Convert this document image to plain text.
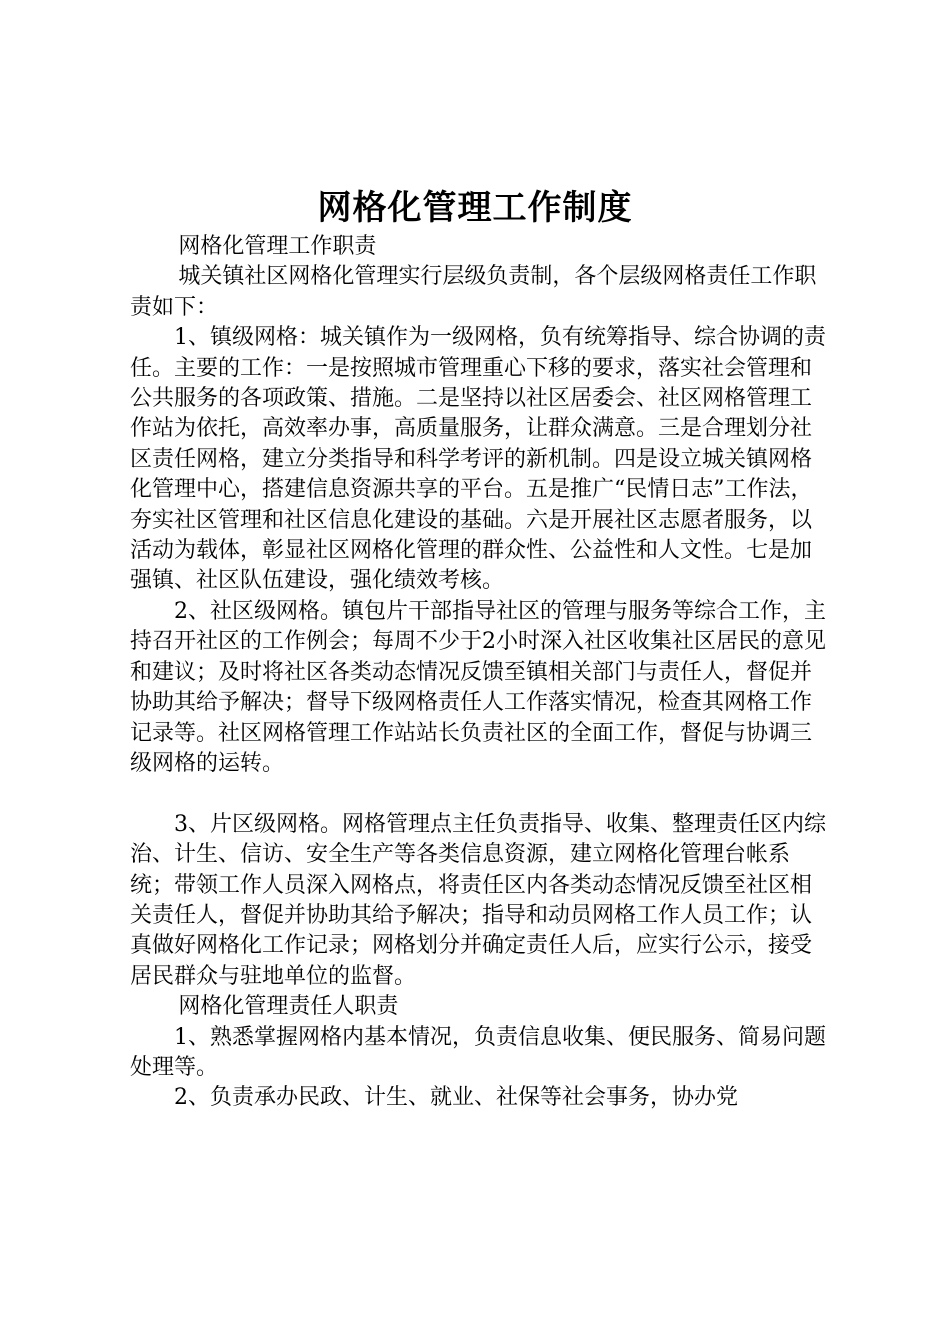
网格化管理工作制度

网格化管理工作职责

城关镇社区网格化管理实行层级负责制，各个层级网格责任工作职责如下：

1、镇级网格：城关镇作为一级网格，负有统筹指导、综合协调的责任。主要的工作：一是按照城市管理重心下移的要求，落实社会管理和公共服务的各项政策、措施。二是坚持以社区居委会、社区网格管理工作站为依托，高效率办事，高质量服务，让群众满意。三是合理划分社区责任网格，建立分类指导和科学考评的新机制。四是设立城关镇网格化管理中心，搭建信息资源共享的平台。五是推广“民情日志”工作法，夯实社区管理和社区信息化建设的基础。六是开展社区志愿者服务，以活动为载体，彰显社区网格化管理的群众性、公益性和人文性。七是加强镇、社区队伍建设，强化绩效考核。

2、社区级网格。镇包片干部指导社区的管理与服务等综合工作，主持召开社区的工作例会；每周不少于2小时深入社区收集社区居民的意见和建议；及时将社区各类动态情况反馈至镇相关部门与责任人，督促并协助其给予解决；督导下级网格责任人工作落实情况，检查其网格工作记录等。社区网格管理工作站站长负责社区的全面工作，督促与协调三级网格的运转。

3、片区级网格。网格管理点主任负责指导、收集、整理责任区内综治、计生、信访、安全生产等各类信息资源，建立网格化管理台帐系统；带领工作人员深入网格点，将责任区内各类动态情况反馈至社区相关责任人，督促并协助其给予解决；指导和动员网格工作人员工作；认真做好网格化工作记录；网格划分并确定责任人后，应实行公示，接受居民群众与驻地单位的监督。

网格化管理责任人职责

1、熟悉掌握网格内基本情况，负责信息收集、便民服务、简易问题处理等。

2、负责承办民政、计生、就业、社保等社会事务，协办党
